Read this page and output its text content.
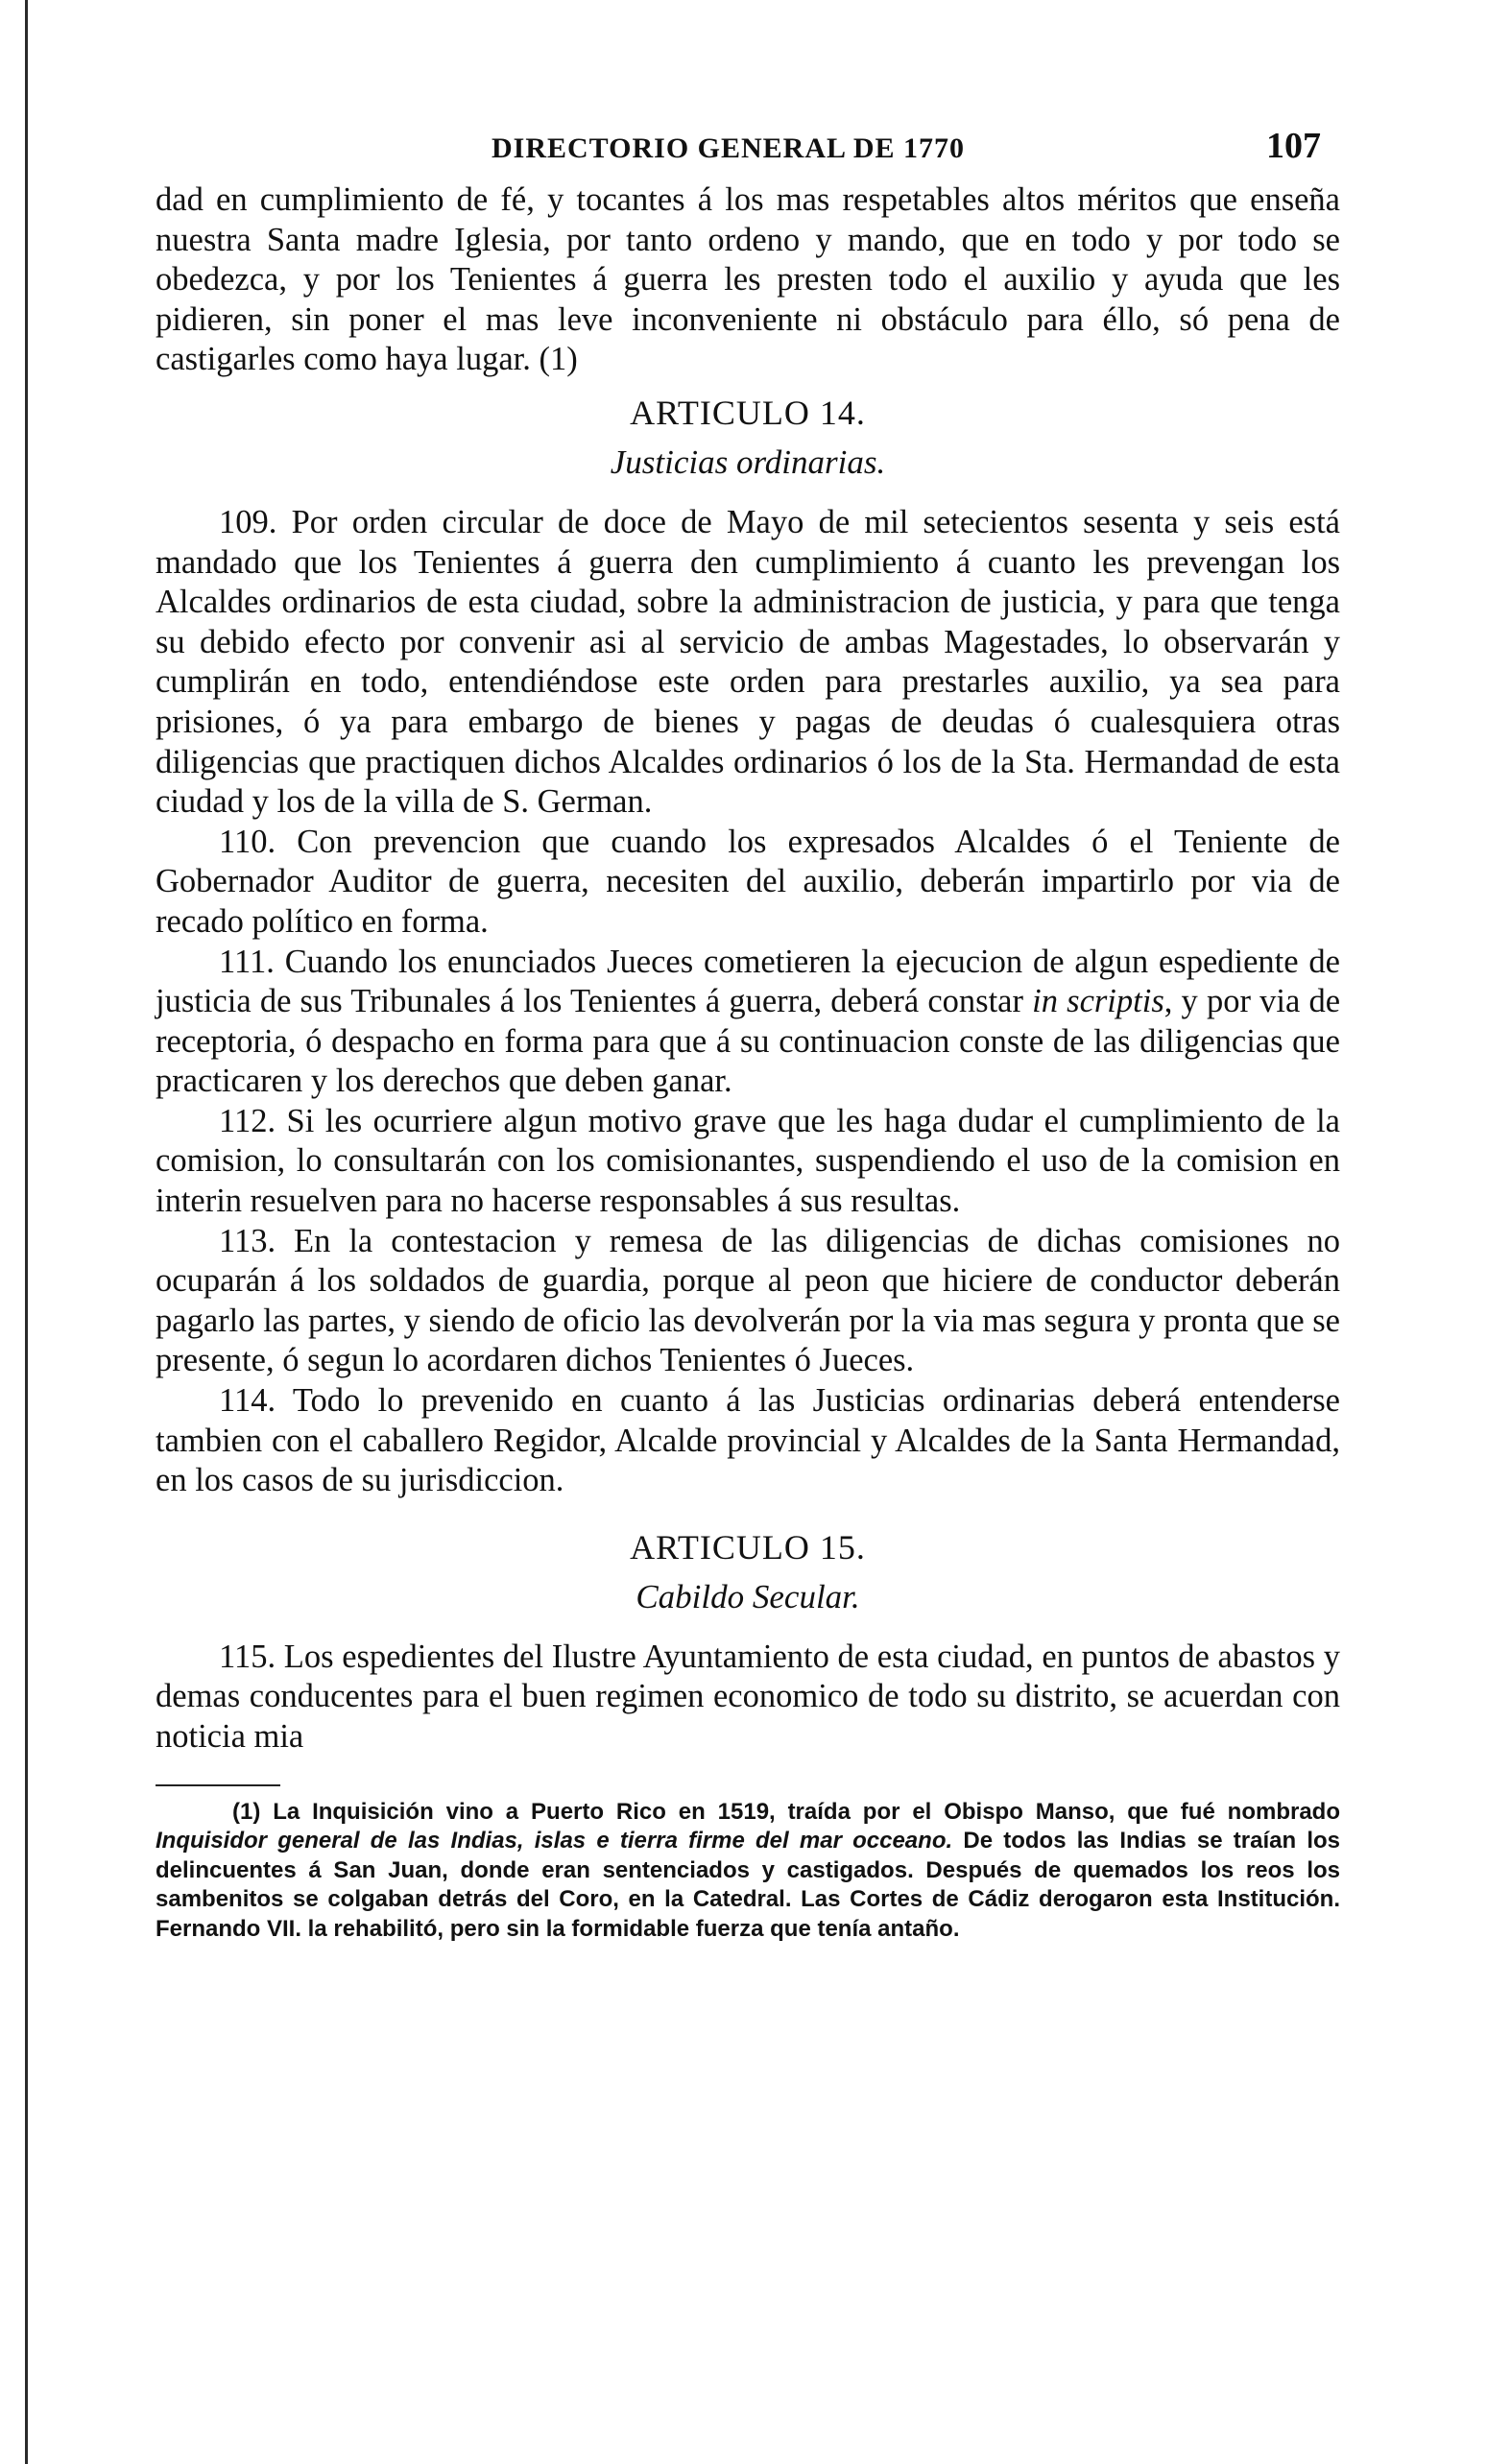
DIRECTORIO GENERAL DE 1770	107

dad en cumplimiento de fé, y tocantes á los mas respetables altos méritos que enseña nuestra Santa madre Iglesia, por tanto ordeno y mando, que en todo y por todo se obedezca, y por los Tenientes á guerra les presten todo el auxilio y ayuda que les pidieren, sin poner el mas leve inconveniente ni obstáculo para éllo, só pena de castigarles como haya lugar. (1)

ARTICULO 14.
Justicias ordinarias.

109. Por orden circular de doce de Mayo de mil setecientos sesenta y seis está mandado que los Tenientes á guerra den cumplimiento á cuanto les prevengan los Alcaldes ordinarios de esta ciudad, sobre la administracion de justicia, y para que tenga su debido efecto por convenir asi al servicio de ambas Magestades, lo observarán y cumplirán en todo, entendiéndose este orden para prestarles auxilio, ya sea para prisiones, ó ya para embargo de bienes y pagas de deudas ó cualesquiera otras diligencias que practiquen dichos Alcaldes ordinarios ó los de la Sta. Hermandad de esta ciudad y los de la villa de S. German.

110. Con prevencion que cuando los expresados Alcaldes ó el Teniente de Gobernador Auditor de guerra, necesiten del auxilio, deberán impartirlo por via de recado político en forma.

111. Cuando los enunciados Jueces cometieren la ejecucion de algun espediente de justicia de sus Tribunales á los Tenientes á guerra, deberá constar in scriptis, y por via de receptoria, ó despacho en forma para que á su continuacion conste de las diligencias que practicaren y los derechos que deben ganar.

112. Si les ocurriere algun motivo grave que les haga dudar el cumplimiento de la comision, lo consultarán con los comisionantes, suspendiendo el uso de la comision en interin resuelven para no hacerse responsables á sus resultas.

113. En la contestacion y remesa de las diligencias de dichas comisiones no ocuparán á los soldados de guardia, porque al peon que hiciere de conductor deberán pagarlo las partes, y siendo de oficio las devolverán por la via mas segura y pronta que se presente, ó segun lo acordaren dichos Tenientes ó Jueces.

114. Todo lo prevenido en cuanto á las Justicias ordinarias deberá entenderse tambien con el caballero Regidor, Alcalde provincial y Alcaldes de la Santa Hermandad, en los casos de su jurisdiccion.

ARTICULO 15.
Cabildo Secular.

115. Los espedientes del Ilustre Ayuntamiento de esta ciudad, en puntos de abastos y demas conducentes para el buen regimen economico de todo su distrito, se acuerdan con noticia mia

(1) La Inquisición vino a Puerto Rico en 1519, traída por el Obispo Manso, que fué nombrado Inquisidor general de las Indias, islas e tierra firme del mar occeano. De todos las Indias se traían los delincuentes á San Juan, donde eran sentenciados y castigados. Después de quemados los reos los sambenitos se colgaban detrás del Coro, en la Catedral. Las Cortes de Cádiz derogaron esta Institución. Fernando VII. la rehabilitó, pero sin la formidable fuerza que tenía antaño.
